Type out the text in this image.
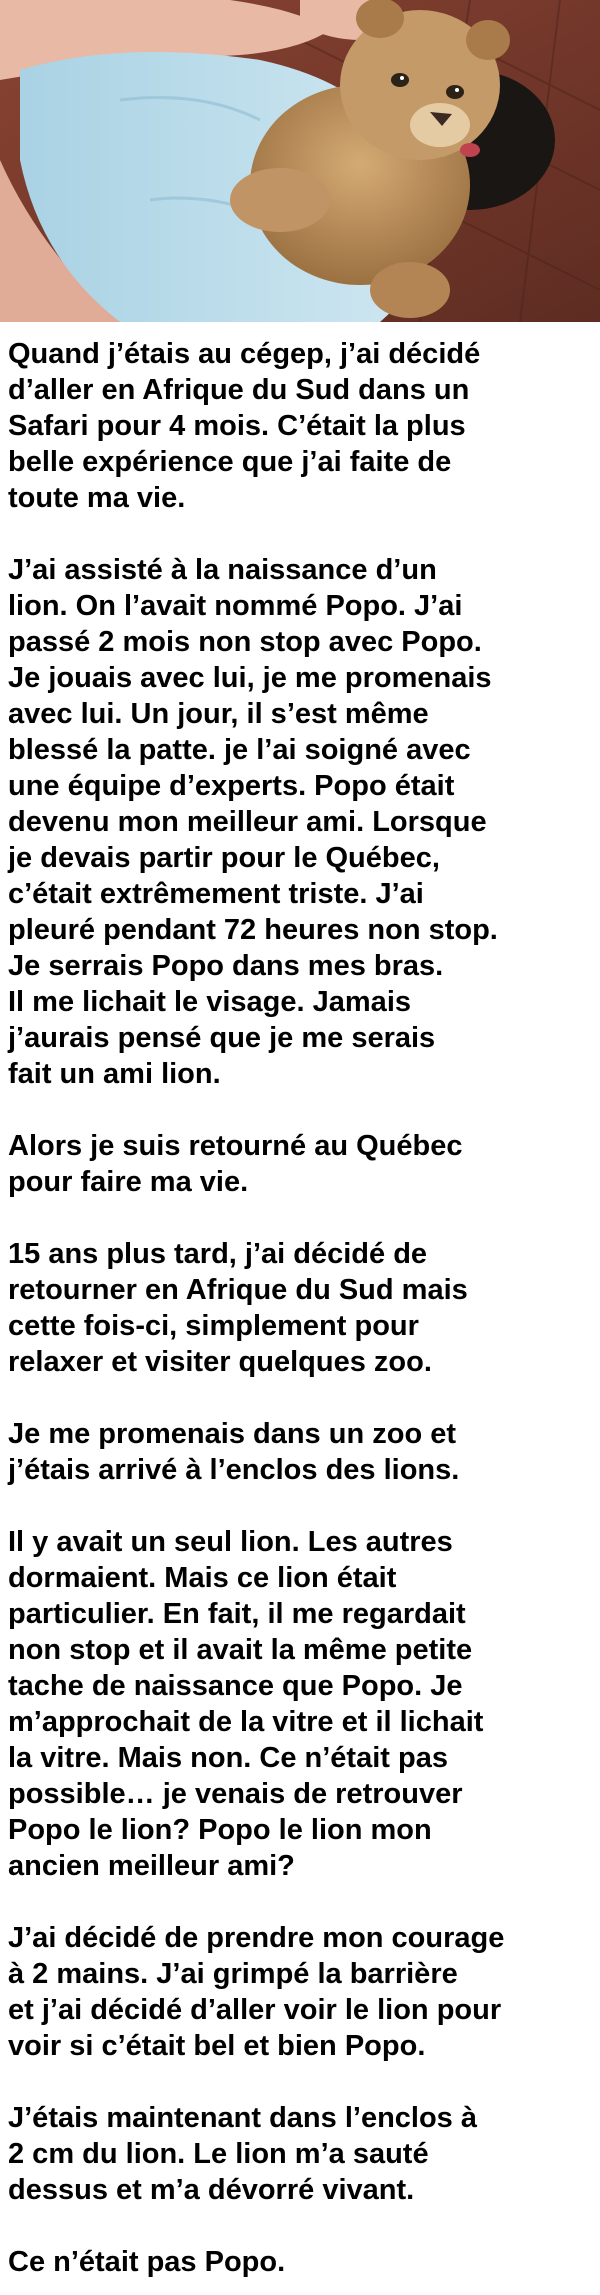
Quand j’étais au cégep, j’ai décidé
d’aller en Afrique du Sud dans un
Safari pour 4 mois. C’était la plus
belle expérience que j’ai faite de
toute ma vie.

J’ai assisté à la naissance d’un
lion. On l’avait nommé Popo. J’ai
passé 2 mois non stop avec Popo.
Je jouais avec lui, je me promenais
avec lui. Un jour, il s’est même
blessé la patte. je l’ai soigné avec
une équipe d’experts. Popo était
devenu mon meilleur ami. Lorsque
je devais partir pour le Québec,
c’était extrêmement triste. J’ai
pleuré pendant 72 heures non stop.
Je serrais Popo dans mes bras.
Il me lichait le visage. Jamais
j’aurais pensé que je me serais
fait un ami lion.

Alors je suis retourné au Québec
pour faire ma vie.

15 ans plus tard, j’ai décidé de
retourner en Afrique du Sud mais
cette fois-ci, simplement pour
relaxer et visiter quelques zoo.

Je me promenais dans un zoo et
j’étais arrivé à l’enclos des lions.

Il y avait un seul lion. Les autres
dormaient. Mais ce lion était
particulier. En fait, il me regardait
non stop et il avait la même petite
tache de naissance que Popo. Je
m’approchait de la vitre et il lichait
la vitre. Mais non. Ce n’était pas
possible… je venais de retrouver
Popo le lion? Popo le lion mon
ancien meilleur ami?

J’ai décidé de prendre mon courage
à 2 mains. J’ai grimpé la barrière
et j’ai décidé d’aller voir le lion pour
voir si c’était bel et bien Popo.

J’étais maintenant dans l’enclos à
2 cm du lion. Le lion m’a sauté
dessus et m’a dévorré vivant.

Ce n’était pas Popo.
